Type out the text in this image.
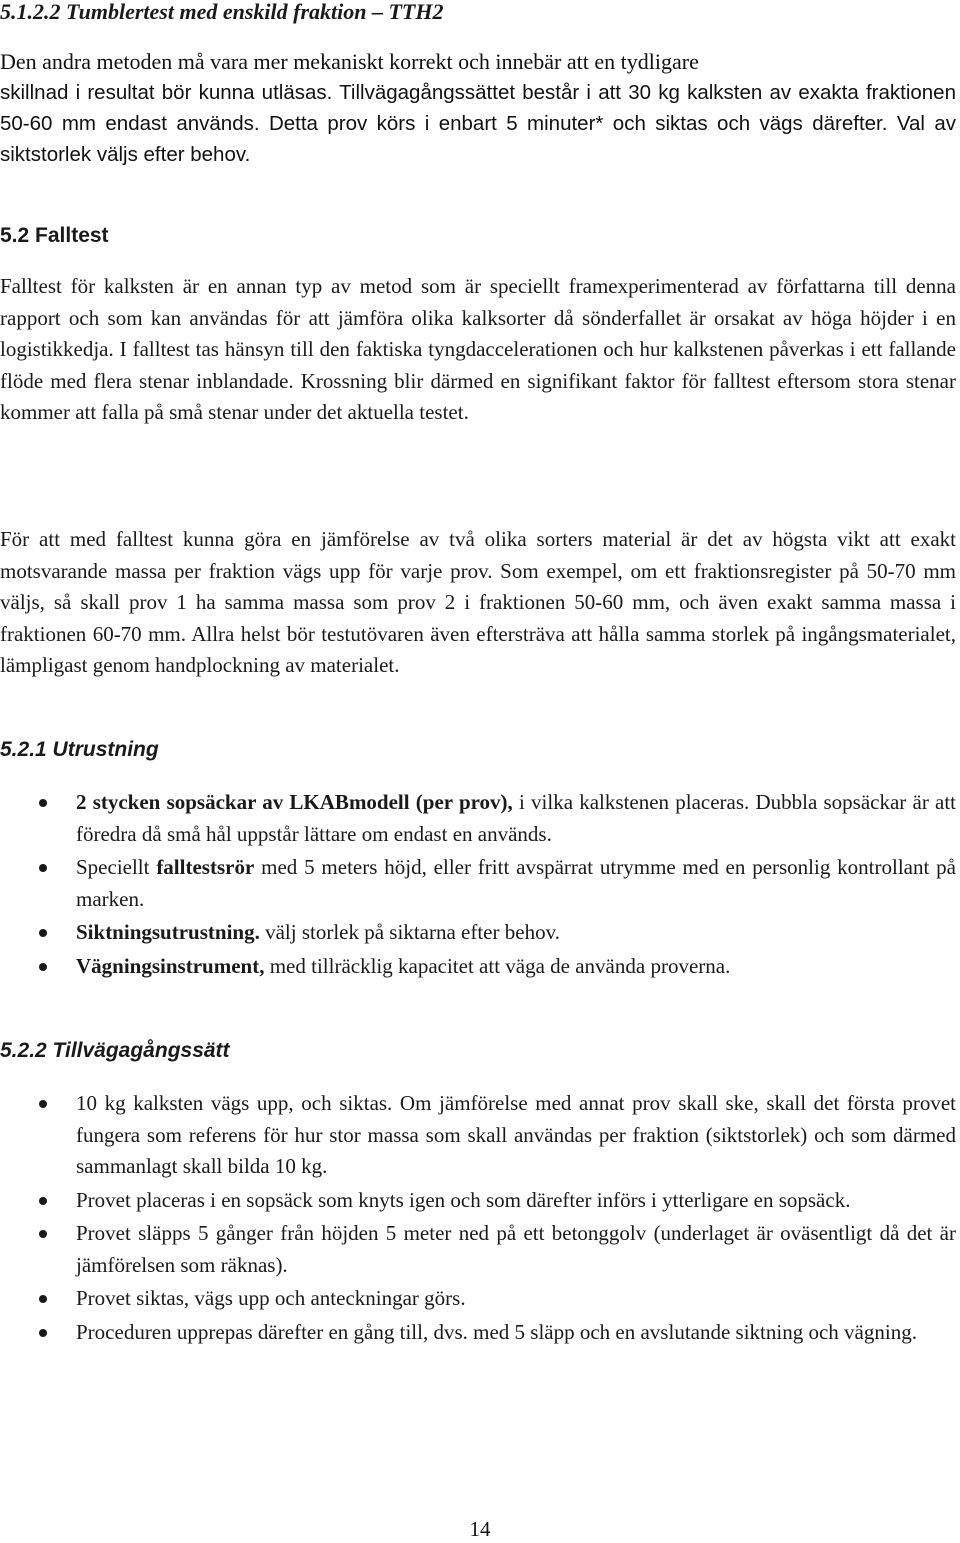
5.1.2.2 Tumblertest med enskild fraktion – TTH2
Den andra metoden må vara mer mekaniskt korrekt och innebär att en tydligare
skillnad i resultat bör kunna utläsas. Tillvägagångssättet består i att 30 kg kalksten av exakta fraktionen 50-60 mm endast används. Detta prov körs i enbart 5 minuter* och siktas och vägs därefter. Val av siktstorlek väljs efter behov.
5.2 Falltest

Falltest för kalksten är en annan typ av metod som är speciellt framexperimenterad av författarna till denna rapport och som kan användas för att jämföra olika kalksorter då sönderfallet är orsakat av höga höjder i en logistikkedja. I falltest tas hänsyn till den faktiska tyngdaccelerationen och hur kalkstenen påverkas i ett fallande flöde med flera stenar inblandade. Krossning blir därmed en signifikant faktor för falltest eftersom stora stenar kommer att falla på små stenar under det aktuella testet.

För att med falltest kunna göra en jämförelse av två olika sorters material är det av högsta vikt att exakt motsvarande massa per fraktion vägs upp för varje prov. Som exempel, om ett fraktionsregister på 50-70 mm väljs, så skall prov 1 ha samma massa som prov 2 i fraktionen 50-60 mm, och även exakt samma massa i fraktionen 60-70 mm. Allra helst bör testutövaren även eftersträva att hålla samma storlek på ingångsmaterialet, lämpligast genom handplockning av materialet.

5.2.1 Utrustning
2 stycken sopsäckar av LKABmodell (per prov), i vilka kalkstenen placeras. Dubbla sopsäckar är att föredra då små hål uppstår lättare om endast en används.
Speciellt falltestsrör med 5 meters höjd, eller fritt avspärrat utrymme med en personlig kontrollant på marken.
Siktningsutrustning. välj storlek på siktarna efter behov.
Vägningsinstrument, med tillräcklig kapacitet att väga de använda proverna.
5.2.2 Tillvägagångssätt
10 kg kalksten vägs upp, och siktas. Om jämförelse med annat prov skall ske, skall det första provet fungera som referens för hur stor massa som skall användas per fraktion (siktstorlek) och som därmed sammanlagt skall bilda 10 kg.
Provet placeras i en sopsäck som knyts igen och som därefter införs i ytterligare en sopsäck.
Provet släpps 5 gånger från höjden 5 meter ned på ett betonggolv (underlaget är oväsentligt då det är jämförelsen som räknas).
Provet siktas, vägs upp och anteckningar görs.
Proceduren upprepas därefter en gång till, dvs. med 5 släpp och en avslutande siktning och vägning.
14
